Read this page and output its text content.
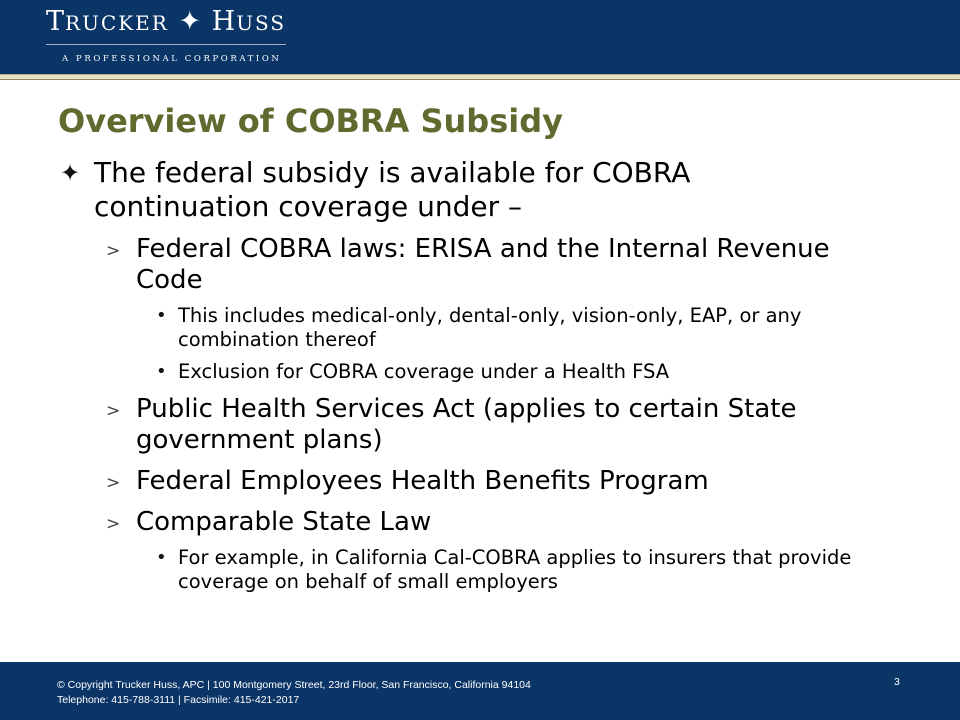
TRUCKER ✦ HUSS
A PROFESSIONAL CORPORATION
Overview of COBRA Subsidy
✦ The federal subsidy is available for COBRA continuation coverage under –
> Federal COBRA laws: ERISA and the Internal Revenue Code
• This includes medical-only, dental-only, vision-only, EAP, or any combination thereof
• Exclusion for COBRA coverage under a Health FSA
> Public Health Services Act (applies to certain State government plans)
> Federal Employees Health Benefits Program
> Comparable State Law
• For example, in California Cal-COBRA applies to insurers that provide coverage on behalf of small employers
© Copyright Trucker Huss, APC | 100 Montgomery Street, 23rd Floor, San Francisco, California 94104
Telephone: 415-788-3111 | Facsimile: 415-421-2017
3
